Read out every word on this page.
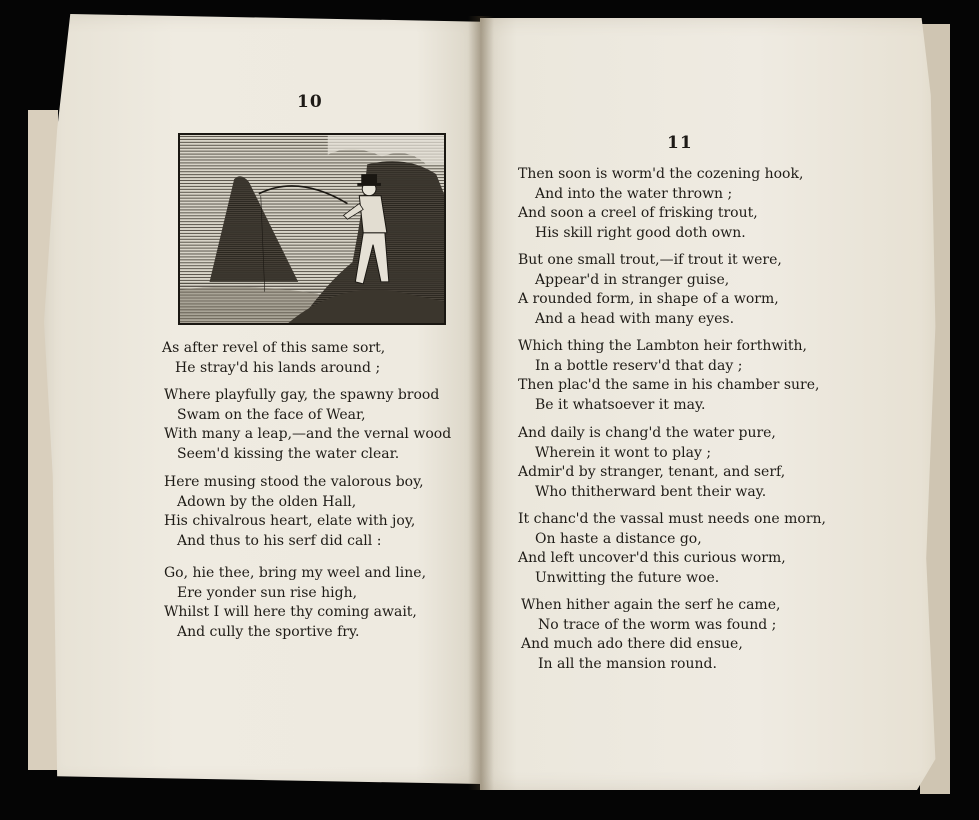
10
As after revel of this same sort,
He stray'd his lands around ;
Where playfully gay, the spawny brood
Swam on the face of Wear,
With many a leap,—and the vernal wood
Seem'd kissing the water clear.
Here musing stood the valorous boy,
Adown by the olden Hall,
His chivalrous heart, elate with joy,
And thus to his serf did call :
Go, hie thee, bring my weel and line,
Ere yonder sun rise high,
Whilst I will here thy coming await,
And cully the sportive fry.
11
Then soon is worm'd the cozening hook,
And into the water thrown ;
And soon a creel of frisking trout,
His skill right good doth own.
But one small trout,—if trout it were,
Appear'd in stranger guise,
A rounded form, in shape of a worm,
And a head with many eyes.
Which thing the Lambton heir forthwith,
In a bottle reserv'd that day ;
Then plac'd the same in his chamber sure,
Be it whatsoever it may.
And daily is chang'd the water pure,
Wherein it wont to play ;
Admir'd by stranger, tenant, and serf,
Who thitherward bent their way.
It chanc'd the vassal must needs one morn,
On haste a distance go,
And left uncover'd this curious worm,
Unwitting the future woe.
When hither again the serf he came,
No trace of the worm was found ;
And much ado there did ensue,
In all the mansion round.
